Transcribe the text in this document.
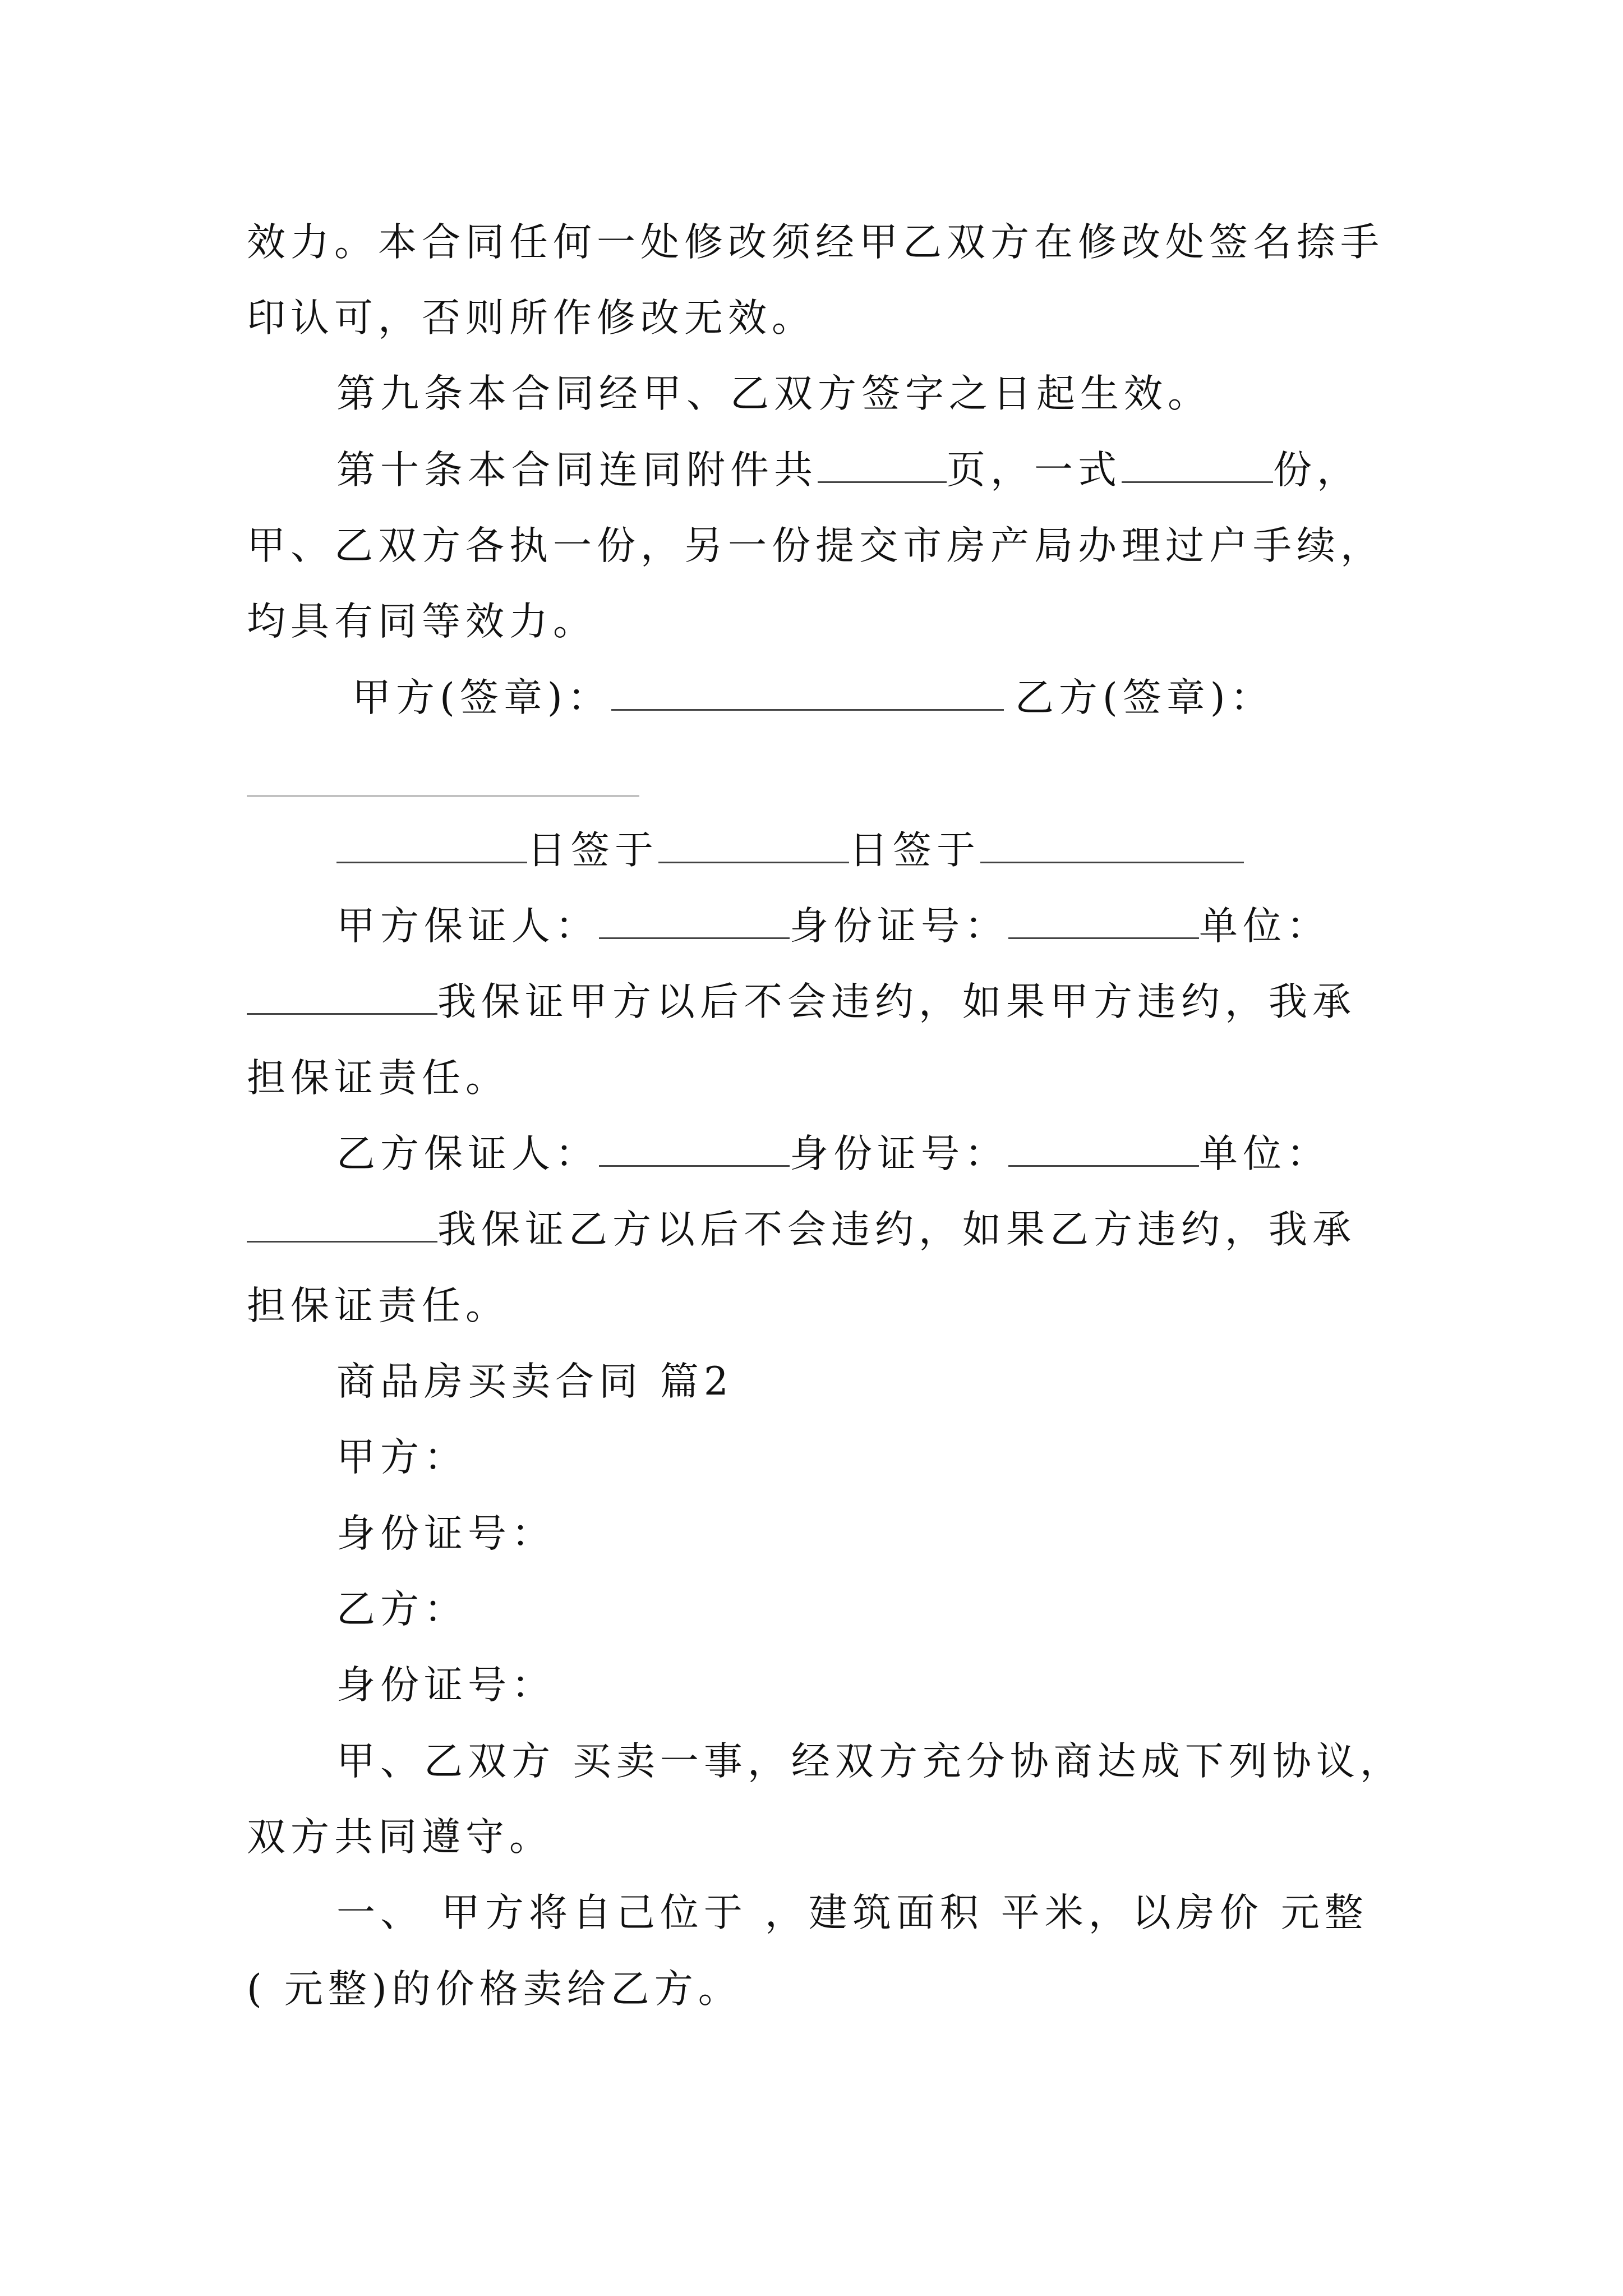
效力。本合同任何一处修改须经甲乙双方在修改处签名捺手
印认可，否则所作修改无效。
第九条本合同经甲、乙双方签字之日起生效。
第十条本合同连同附件共	页，一式	份，
甲、乙双方各执一份，另一份提交市房产局办理过户手续，
均具有同等效力。
甲方(签章)：	乙方(签章)：
日签于	日签于
甲方保证人：	身份证号：	单位：
我保证甲方以后不会违约，如果甲方违约，我承
担保证责任。
乙方保证人：	身份证号：	单位：
我保证乙方以后不会违约，如果乙方违约，我承
担保证责任。
商品房买卖合同 篇2
甲方：
身份证号：
乙方：
身份证号：
甲、乙双方 买卖一事，经双方充分协商达成下列协议，
双方共同遵守。
一、 甲方将自己位于 ，建筑面积 平米，以房价 元整
( 元整)的价格卖给乙方。
